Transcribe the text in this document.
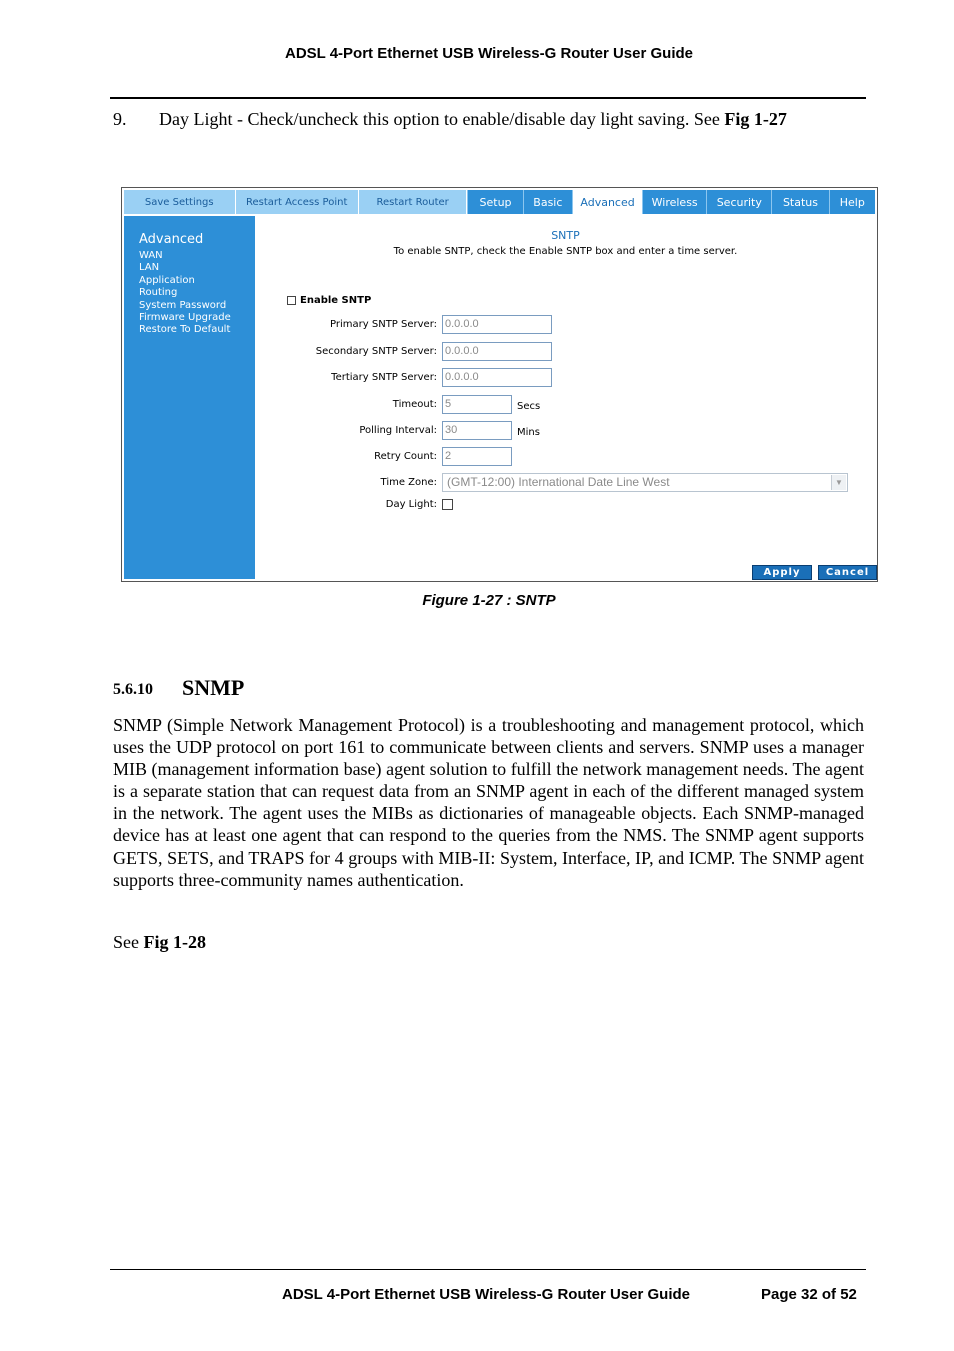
ADSL 4-Port Ethernet USB Wireless-G Router User Guide
9. Day Light - Check/uncheck this option to enable/disable day light saving. See Fig 1-27
Save Settings	Restart Access Point	Restart Router	Setup	Basic	Advanced	Wireless	Security	Status	Help
Advanced
WAN
LAN
Application
Routing
System Password
Firmware Upgrade
Restore To Default
SNTP
To enable SNTP, check the Enable SNTP box and enter a time server.
Enable SNTP
Primary SNTP Server: 0.0.0.0
Secondary SNTP Server: 0.0.0.0
Tertiary SNTP Server: 0.0.0.0
Timeout: 5	Secs
Polling Interval: 30	Mins
Retry Count: 2
Time Zone: (GMT-12:00) International Date Line West	▼
Day Light:
Apply	Cancel
Figure 1-27 : SNTP
5.6.10 SNMP
SNMP (Simple Network Management Protocol) is a troubleshooting and management protocol, which uses the UDP protocol on port 161 to communicate between clients and servers. SNMP uses a manager MIB (management information base) agent solution to fulfill the network management needs. The agent is a separate station that can request data from an SNMP agent in each of the different managed system in the network. The agent uses the MIBs as dictionaries of manageable objects. Each SNMP-managed device has at least one agent that can respond to the queries from the NMS. The SNMP agent supports GETS, SETS, and TRAPS for 4 groups with MIB-II: System, Interface, IP, and ICMP. The SNMP agent supports three-community names authentication.
See Fig 1-28
ADSL 4-Port Ethernet USB Wireless-G Router User Guide	Page 32 of 52
